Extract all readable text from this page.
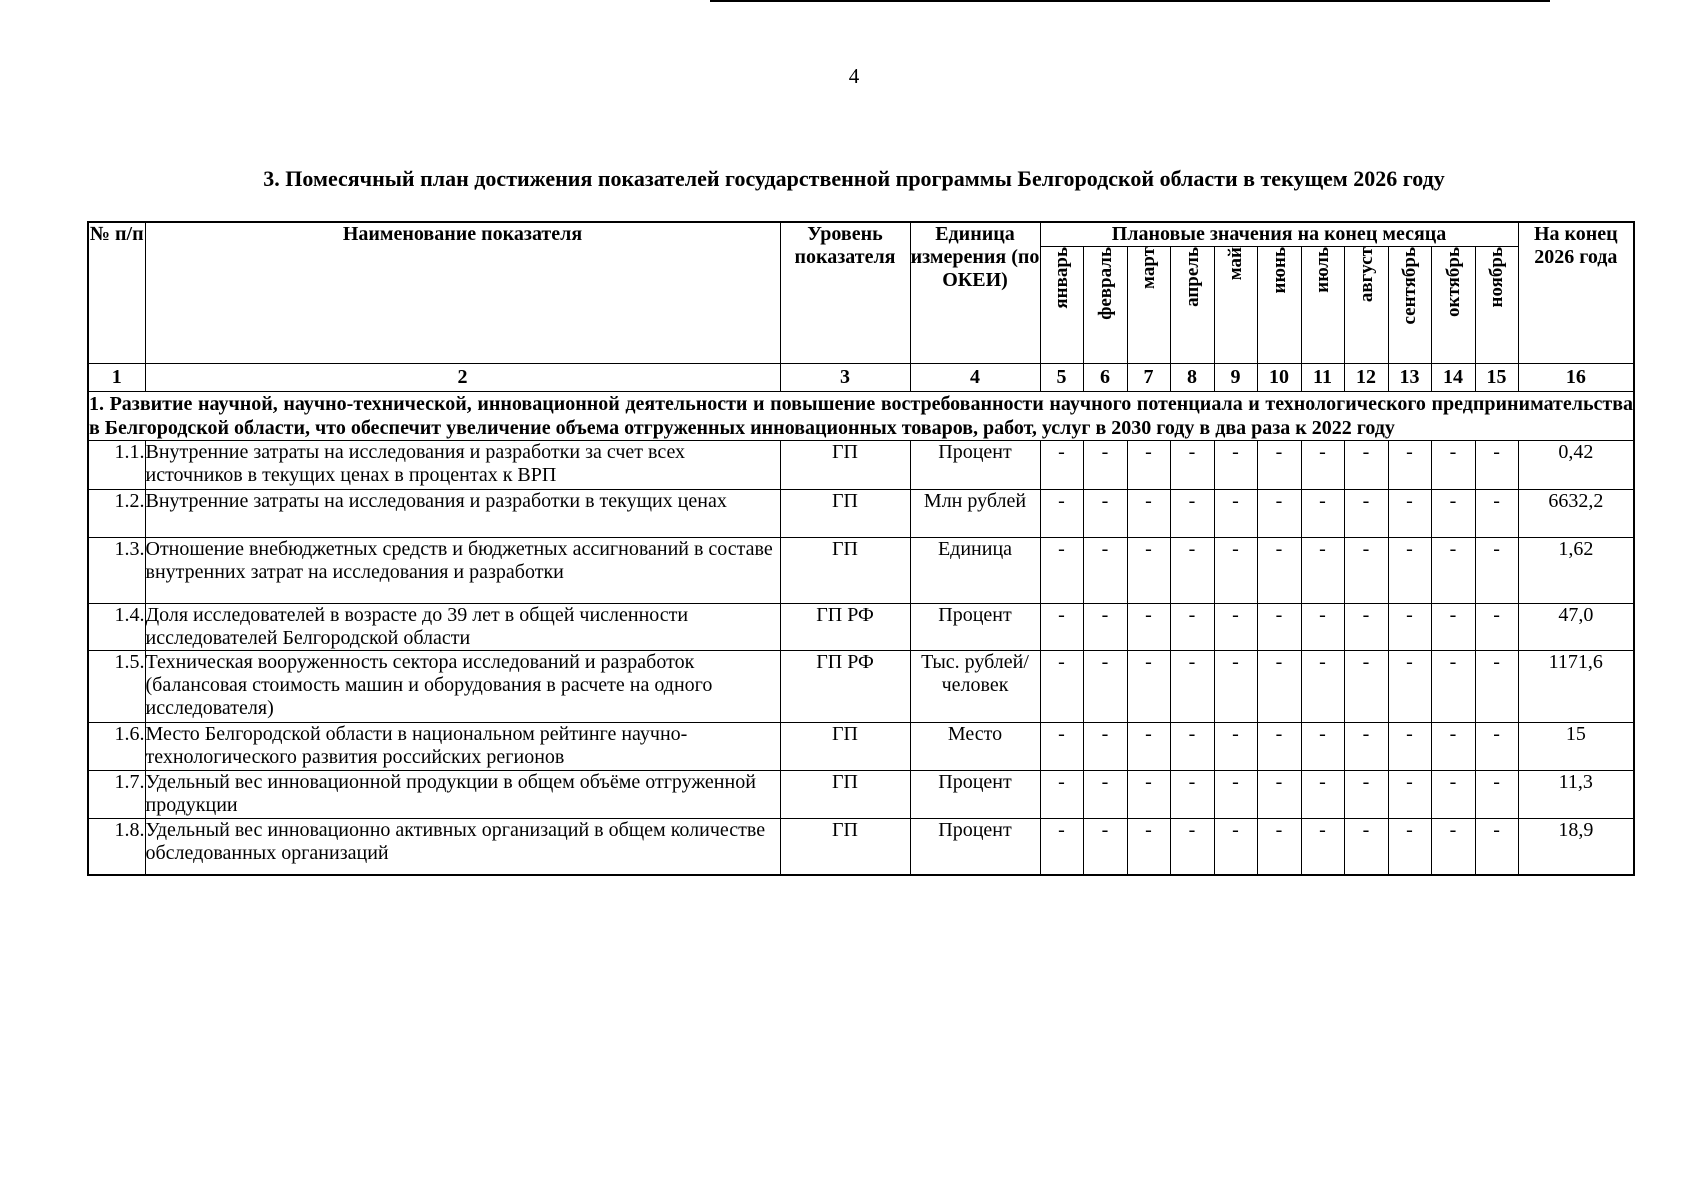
4
3. Помесячный план достижения показателей государственной программы Белгородской области в текущем 2026 году
№ п/п	Наименование показателя	Уровень показателя	Единица измерения (по ОКЕИ)	Плановые значения на конец месяца											На конец 2026 года

				январь	февраль	март	апрель	май	июнь	июль	август	сентябрь	октябрь	ноябрь	

1	2	3	4	5	6	7	8	9	10	11	12	13	14	15	16
1. Развитие научной, научно-технической, инновационной деятельности и повышение востребованности научного потенциала и технологического предпринимательства в Белгородской области, что обеспечит увеличение объема отгруженных инновационных товаров, работ, услуг в 2030 году в два раза к 2022 году															
1.1.	Внутренние затраты на исследования и разработки за счет всех источников в текущих ценах в процентах к ВРП	ГП	Процент	-	-	-	-	-	-	-	-	-	-	-	0,42
1.2.	Внутренние затраты на исследования и разработки в текущих ценах	ГП	Млн рублей	-	-	-	-	-	-	-	-	-	-	-	6632,2
1.3.	Отношение внебюджетных средств и бюджетных ассигнований в составе внутренних затрат на исследования и разработки	ГП	Единица	-	-	-	-	-	-	-	-	-	-	-	1,62
1.4.	Доля исследователей в возрасте до 39 лет в общей численности исследователей Белгородской области	ГП РФ	Процент	-	-	-	-	-	-	-	-	-	-	-	47,0
1.5.	Техническая вооруженность сектора исследований и разработок (балансовая стоимость машин и оборудования в расчете на одного исследователя)	ГП РФ	Тыс. рублей/ человек	-	-	-	-	-	-	-	-	-	-	-	1171,6
1.6.	Место Белгородской области в национальном рейтинге научно-технологического развития российских регионов	ГП	Место	-	-	-	-	-	-	-	-	-	-	-	15
1.7.	Удельный вес инновационной продукции в общем объёме отгруженной продукции	ГП	Процент	-	-	-	-	-	-	-	-	-	-	-	11,3
1.8.	Удельный вес инновационно активных организаций в общем количестве обследованных организаций	ГП	Процент	-	-	-	-	-	-	-	-	-	-	-	18,9
